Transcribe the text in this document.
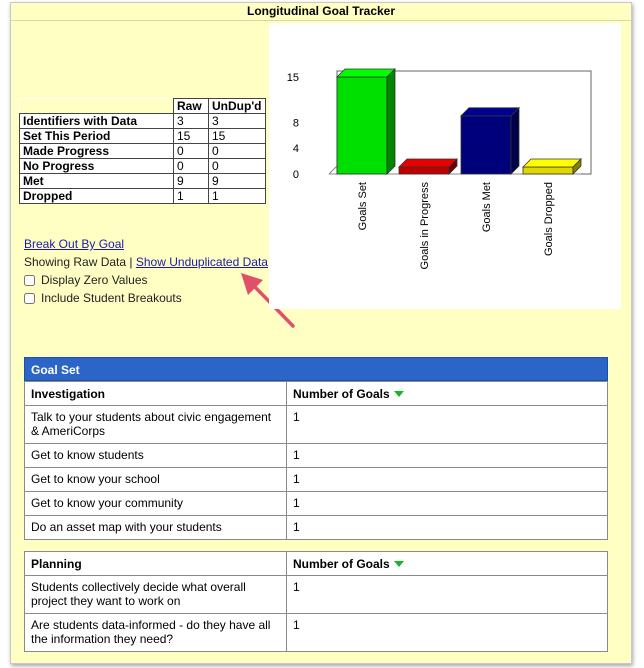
Longitudinal Goal Tracker
	Raw	UnDup'd
Identifiers with Data	3	3
Set This Period	15	15
Made Progress	0	0
No Progress	0	0
Met	9	9
Dropped	1	1
Break Out By Goal
Showing Raw Data | Show Unduplicated Data
Display Zero Values
Include Student Breakouts
0
4
8
15
Goals Set	Goals in Progress	Goals Met	Goals Dropped
Goal Set
Investigation	Number of Goals
Talk to your students about civic engagement & AmeriCorps	1
Get to know students	1
Get to know your school	1
Get to know your community	1
Do an asset map with your students	1
Planning	Number of Goals
Students collectively decide what overall project they want to work on	1
Are students data-informed - do they have all the information they need?	1
